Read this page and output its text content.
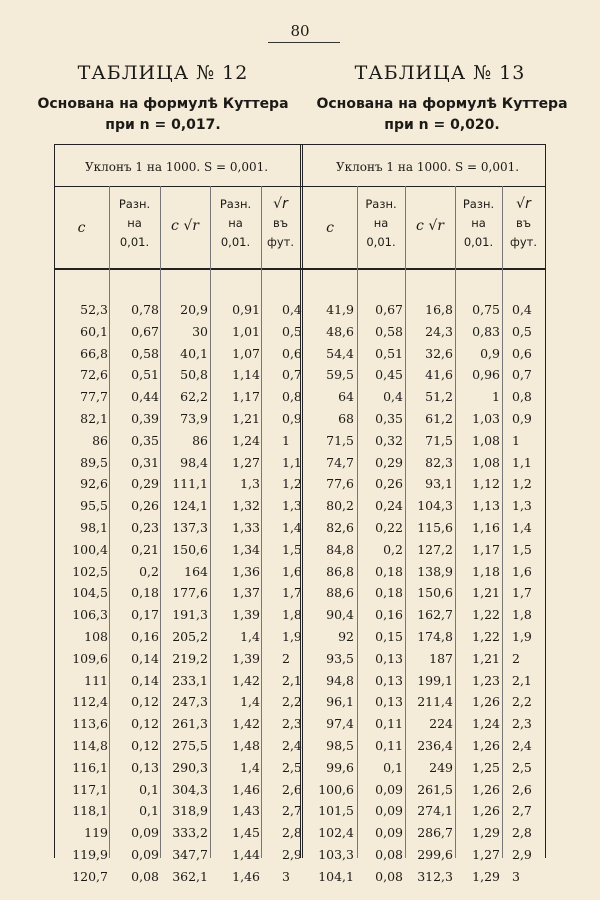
80
ТАБЛИЦА № 12	ТАБЛИЦА № 13
Основана на формулѣ Куттера
при n = 0,017.
Основана на формулѣ Куттера
при n = 0,020.
Уклонъ 1 на 1000. S = 0,001.	Уклонъ 1 на 1000. S = 0,001.
c
Разн.
на
0,01.
c √r
Разн.
на
0,01.
√r
въ
фут.
c
Разн.
на
0,01.
c √r
Разн.
на
0,01.
√r
въ
фут.
52,3 0,78 20,9 0,91 0,4 41,9 0,67 16,8 0,75 0,4
60,1 0,67	30 1,01 0,5 48,6 0,58 24,3 0,83 0,5
66,8 0,58 40,1 1,07 0,6 54,4 0,51 32,6 0,9 0,6
72,6 0,51 50,8 1,14 0,7 59,5 0,45 41,6 0,96 0,7
77,7 0,44 62,2 1,17 0,8	64 0,4 51,2	1 0,8
82,1 0,39 73,9 1,21 0,9	68 0,35 61,2 1,03 0,9
86 0,35	86 1,24 1	71,5 0,32 71,5 1,08 1
89,5 0,31 98,4 1,27 1,1 74,7 0,29 82,3 1,08 1,1
92,6 0,29 111,1	1,3 1,2 77,6 0,26 93,1 1,12 1,2
95,5 0,26 124,1 1,32 1,3 80,2 0,24 104,3 1,13 1,3
98,1 0,23 137,3 1,33 1,4 82,6 0,22 115,6 1,16 1,4
100,4 0,21 150,6 1,34 1,5 84,8 0,2 127,2 1,17 1,5
102,5 0,2 164 1,36 1,6 86,8 0,18 138,9 1,18 1,6
104,5 0,18 177,6 1,37 1,7 88,6 0,18 150,6 1,21 1,7
106,3 0,17 191,3 1,39 1,8 90,4 0,16 162,7 1,22 1,8
108 0,16 205,2	1,4 1,9	92 0,15 174,8 1,22 1,9
109,6 0,14 219,2 1,39 2	93,5 0,13 187 1,21 2
111 0,14 233,1 1,42 2,1 94,8 0,13 199,1 1,23 2,1
112,4 0,12 247,3	1,4 2,2 96,1 0,13 211,4 1,26 2,2
113,6 0,12 261,3 1,42 2,3 97,4 0,11 224 1,24 2,3
114,8 0,12 275,5 1,48 2,4 98,5 0,11 236,4 1,26 2,4
116,1 0,13 290,3	1,4 2,5 99,6 0,1 249 1,25 2,5
117,1 0,1 304,3 1,46 2,6 100,6 0,09 261,5 1,26 2,6
118,1 0,1 318,9 1,43 2,7 101,5 0,09 274,1 1,26 2,7
119 0,09 333,2 1,45 2,8 102,4 0,09 286,7 1,29 2,8
119,9 0,09 347,7 1,44 2,9 103,3 0,08 299,6 1,27 2,9
120,7 0,08 362,1 1,46 3 104,1 0,08 312,3 1,29 3
